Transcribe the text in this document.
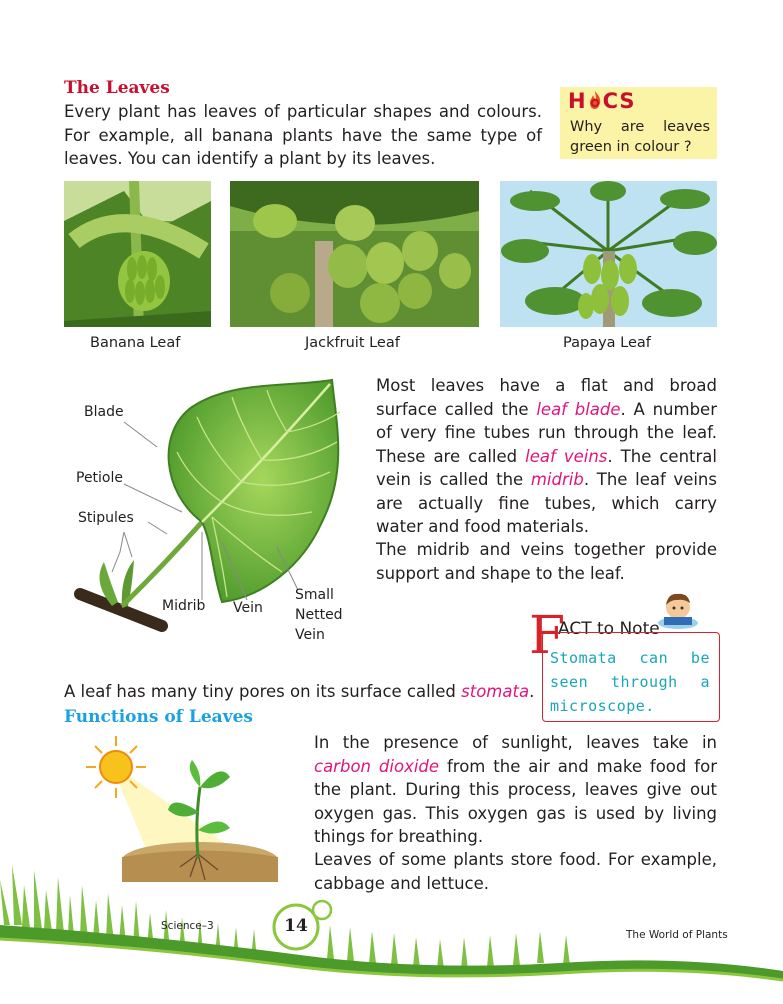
The Leaves

Every plant has leaves of particular shapes and colours. For example, all banana plants have the same type of leaves. You can identify a plant by its leaves.

H CS
Why are leaves green in colour ?
Banana Leaf	Jackfruit Leaf	Papaya Leaf
Blade
Petiole
Stipules
Midrib Vein
Small
Netted
Vein

Most leaves have a flat and broad surface called the leaf blade. A number of very fine tubes run through the leaf. These are called leaf veins. The central vein is called the midrib. The leaf veins are actually fine tubes, which carry water and food materials.

The midrib and veins together provide support and shape to the leaf.

F
ACT to Note
Stomata can be seen through a microscope.

A leaf has many tiny pores on its surface called stomata.

Functions of Leaves

In the presence of sunlight, leaves take in carbon dioxide from the air and make food for the plant. During this process, leaves give out oxygen gas. This oxygen gas is used by living things for breathing.

Leaves of some plants store food. For example, cabbage and lettuce.

Science–3	14	The World of Plants
